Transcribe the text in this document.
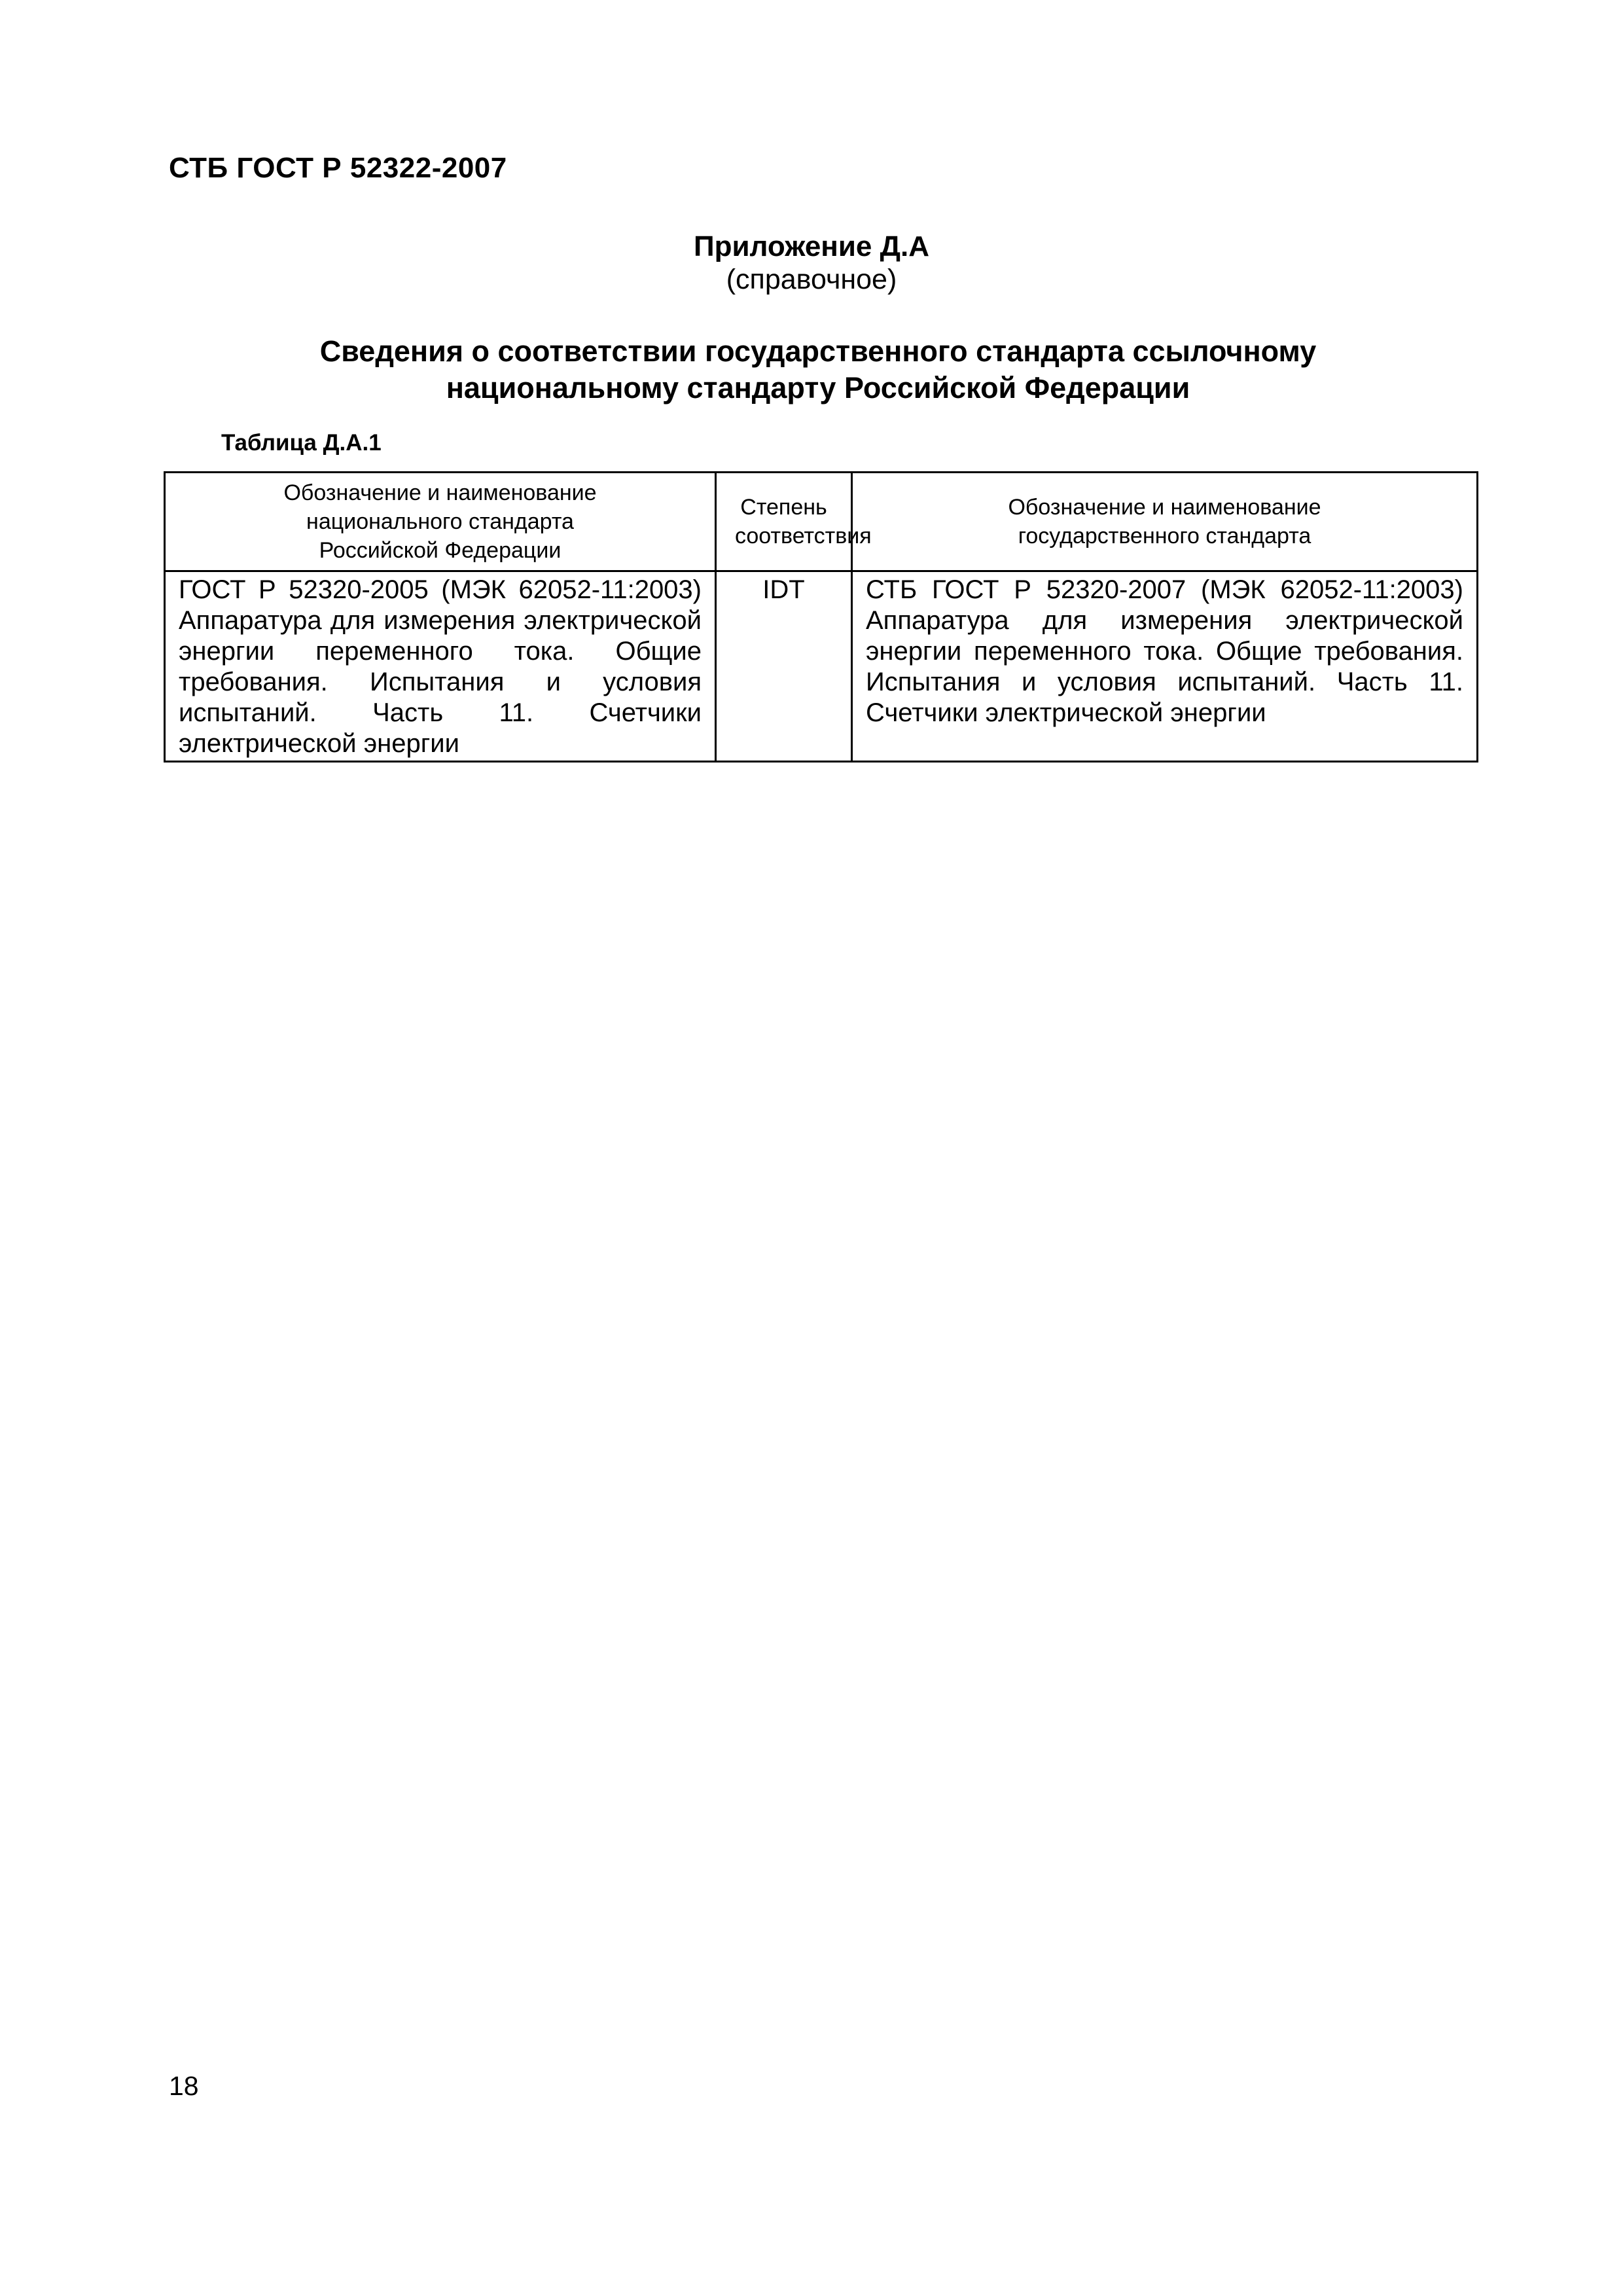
СТБ ГОСТ Р 52322-2007
Приложение Д.А
(справочное)
Сведения о соответствии государственного стандарта ссылочному национальному стандарту Российской Федерации
Таблица Д.А.1
Обозначение и наименование национального стандарта Российской Федерации	Степень соответствия	Обозначение и наименование государственного стандарта

ГОСТ Р 52320-2005 (МЭК 62052-11:2003) Аппаратура для измерения электрической энергии переменного тока. Общие требования. Испытания и условия испытаний. Часть 11. Счетчики электрической энергии	IDT	СТБ ГОСТ Р 52320-2007 (МЭК 62052-11:2003) Аппаратура для измерения электрической энергии переменного тока. Общие требования. Испытания и условия испытаний. Часть 11. Счетчики электрической энергии
18
